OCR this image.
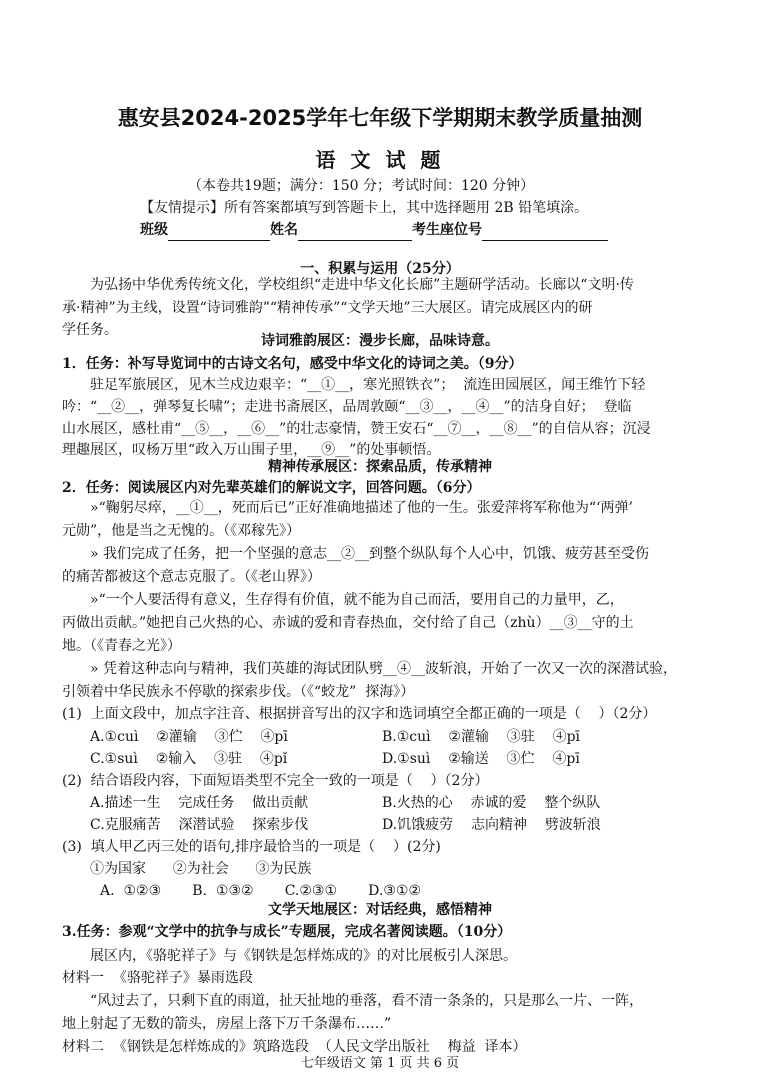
惠安县2024-2025学年七年级下学期期末教学质量抽测
语 文 试 题
（本卷共19题；满分：150 分；考试时间：120 分钟）
【友情提示】所有答案都填写到答题卡上，其中选择题用 2B 铅笔填涂。
班级	姓名	考生座位号
一、积累与运用（25分）
为弘扬中华优秀传统文化，学校组织“走进中华文化长廊”主题研学活动。长廊以“文明·传
承·精神”为主线，设置“诗词雅韵”“精神传承”“文学天地”三大展区。请完成展区内的研
学任务。
诗词雅韵展区：漫步长廊，品味诗意。
1．任务：补写导览词中的古诗文名句，感受中华文化的诗词之美。（9分）
驻足军旅展区，见木兰戍边艰辛：“__①__，寒光照铁衣”；  流连田园展区，闻王维竹下轻
吟：“__②__，弹琴复长啸”；走进书斋展区，品周敦颐“__③__，__④__”的洁身自好；  登临
山水展区，感杜甫“__⑤__，__⑥__”的壮志豪情，赞王安石“__⑦__，__⑧__”的自信从容；沉浸
理趣展区，叹杨万里“政入万山围子里，__⑨__”的处事顿悟。
精神传承展区：探索品质，传承精神
2．任务：阅读展区内对先辈英雄们的解说文字，回答问题。（6分）
»“鞠躬尽瘁，__①__，死而后已”正好准确地描述了他的一生。张爱萍将军称他为“‘两弹’
元勋”，他是当之无愧的。（《邓稼先》）
» 我们完成了任务，把一个坚强的意志__②__到整个纵队每个人心中，饥饿、疲劳甚至受伤
的痛苦都被这个意志克服了。（《老山界》）
»“一个人要活得有意义，生存得有价值，就不能为自己而活，要用自己的力量甲，乙，
丙做出贡献。”她把自己火热的心、赤诚的爱和青春热血，交付给了自己（zhù）__③__守的土
地。（《青春之光》）
» 凭着这种志向与精神，我们英雄的海试团队劈__④__波斩浪，开始了一次又一次的深潜试验，
引领着中华民族永不停歇的探索步伐。（《“蛟龙”  探海》）
(1)  上面文段中，加点字注音、根据拼音写出的汉字和选词填空全都正确的一项是（    ）（2分）
A.①cuì    ②灌输    ③伫    ④pī	B.①cuì    ②灌输    ③驻    ④pī
C.①suì    ②输入    ③驻    ④pǐ	D.①suì    ②输送    ③伫    ④pī
(2)  结合语段内容，下面短语类型不完全一致的一项是（    ）（2分）
A.描述一生    完成任务    做出贡献	B.火热的心    赤诚的爱    整个纵队
C.克服痛苦    深潜试验    探索步伐	D.饥饿疲劳    志向精神    劈波斩浪
(3)  填人甲乙丙三处的语句,排序最恰当的一项是（    ）(2分)
①为国家      ②为社会      ③为民族
A.  ①②③       B.  ①③②       C.②③①       D.③①②
文学天地展区：对话经典，感悟精神
3.任务：参观“文学中的抗争与成长”专题展，完成名著阅读题。（10分）
展区内，《骆驼祥子》与《钢铁是怎样炼成的》的对比展板引人深思。
材料一  《骆驼祥子》暴雨选段
“风过去了，只剩下直的雨道，扯天扯地的垂落，看不清一条条的，只是那么一片、一阵，
地上射起了无数的箭头，房屋上落下万千条瀑布……”
材料二  《钢铁是怎样炼成的》筑路选段  （人民文学出版社    梅益  译本）
七年级语文 第 1 页 共 6 页
